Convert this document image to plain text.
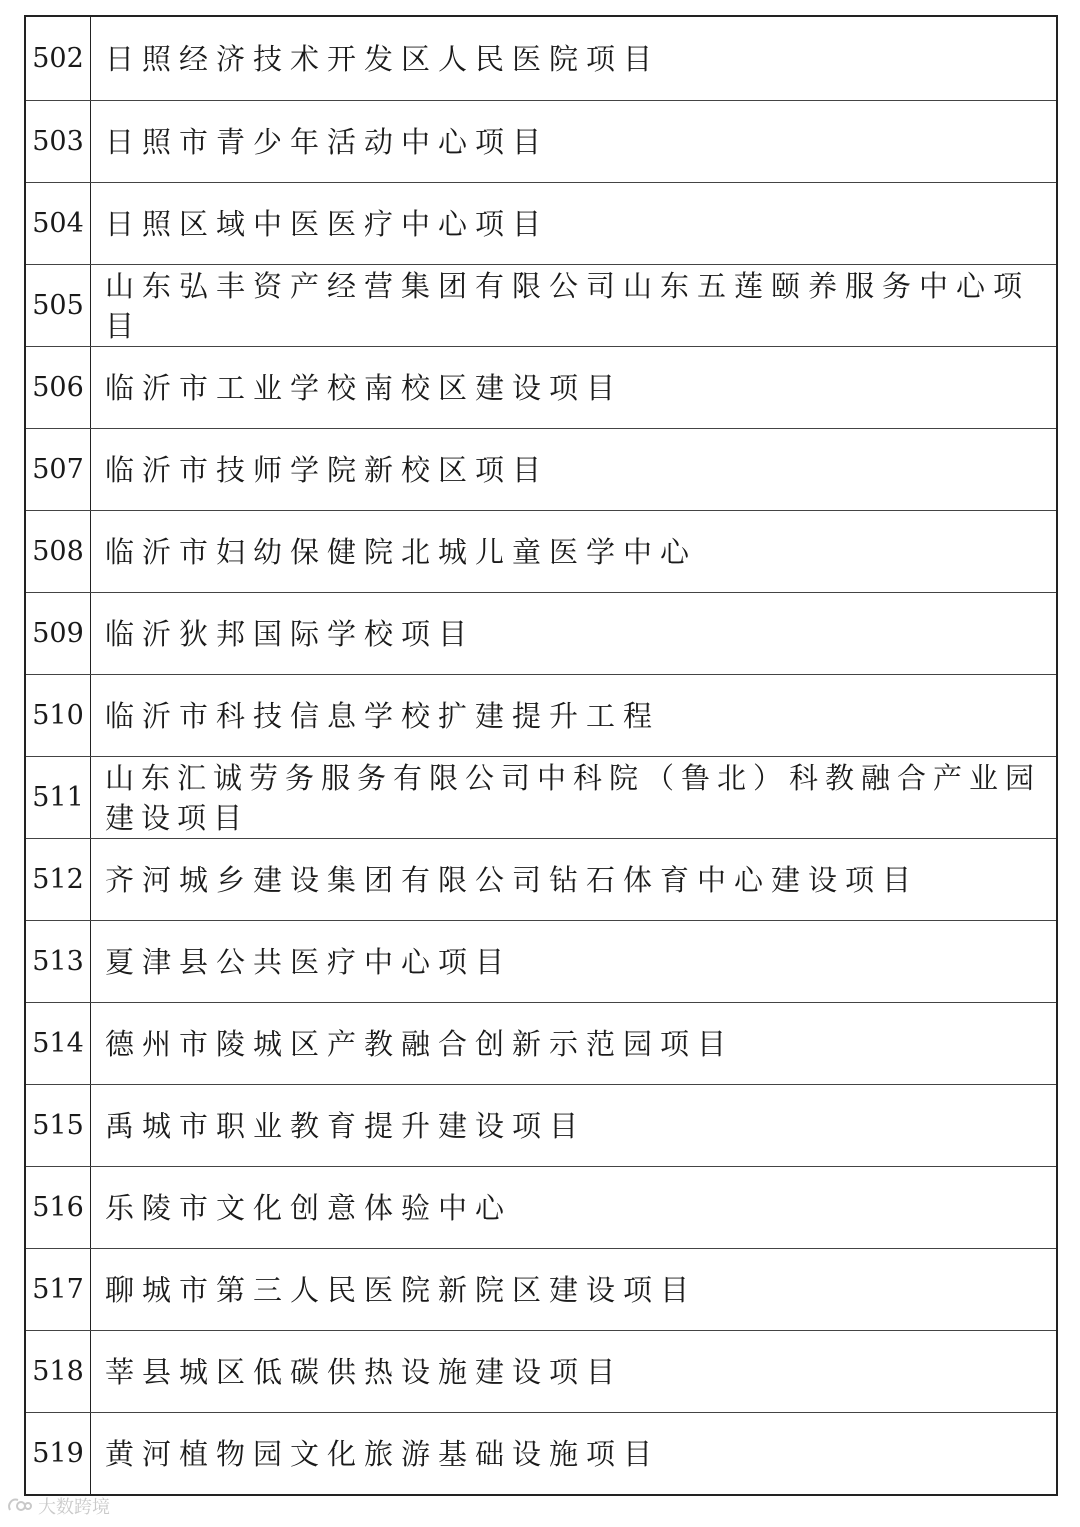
502 日照经济技术开发区人民医院项目
503 日照市青少年活动中心项目
504 日照区域中医医疗中心项目
505
山东弘丰资产经营集团有限公司山东五莲颐养服务中心项目
506 临沂市工业学校南校区建设项目
507 临沂市技师学院新校区项目
508 临沂市妇幼保健院北城儿童医学中心
509 临沂狄邦国际学校项目
510 临沂市科技信息学校扩建提升工程
511
山东汇诚劳务服务有限公司中科院（鲁北）科教融合产业园建设项目
512 齐河城乡建设集团有限公司钻石体育中心建设项目
513 夏津县公共医疗中心项目
514 德州市陵城区产教融合创新示范园项目
515 禹城市职业教育提升建设项目
516 乐陵市文化创意体验中心
517 聊城市第三人民医院新院区建设项目
518 莘县城区低碳供热设施建设项目
519 黄河植物园文化旅游基础设施项目
大数跨境
